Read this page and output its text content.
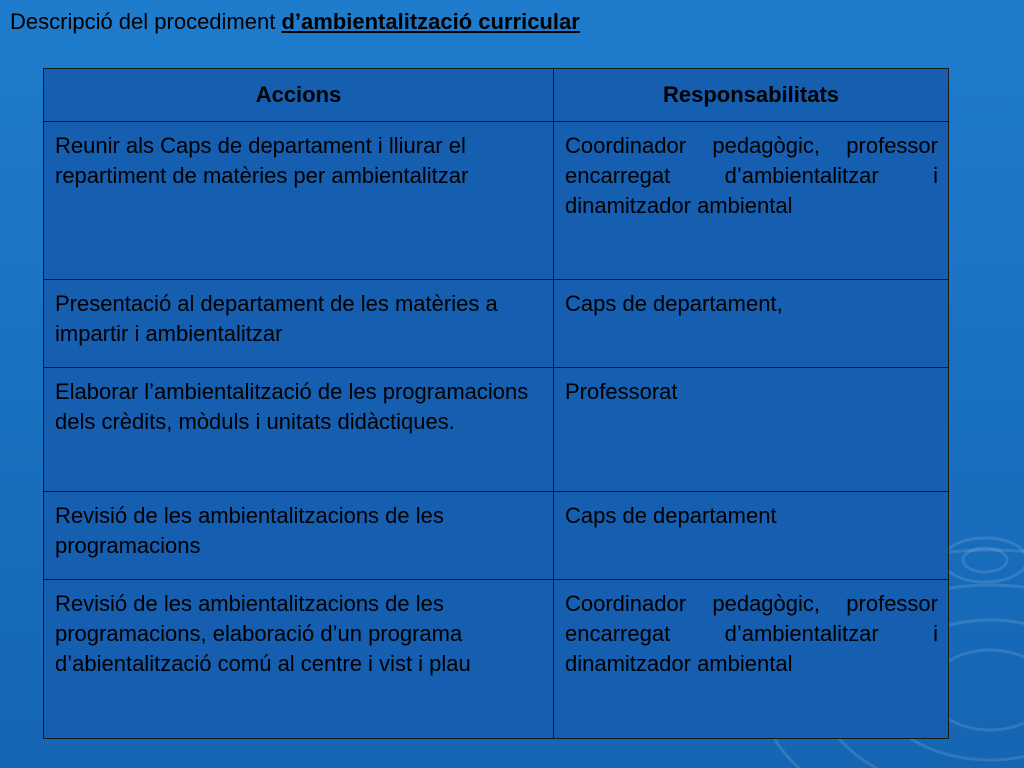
Descripció del procediment d’ambientalització curricular
Accions	Responsabilitats
Reunir als Caps de departament i lliurar el repartiment de matèries per ambientalitzar	Coordinador pedagògic, professor encarregat d’ambientalitzar i dinamitzador ambiental
Presentació al departament de les matèries a impartir i ambientalitzar	Caps de departament,
Elaborar l’ambientalització de les programacions dels crèdits, mòduls i unitats didàctiques.	Professorat
Revisió de les ambientalitzacions de les programacions	Caps de departament
Revisió de les ambientalitzacions de les programacions, elaboració d’un programa d’abientalització comú al centre i vist i plau	Coordinador pedagògic, professor encarregat d’ambientalitzar i dinamitzador ambiental
